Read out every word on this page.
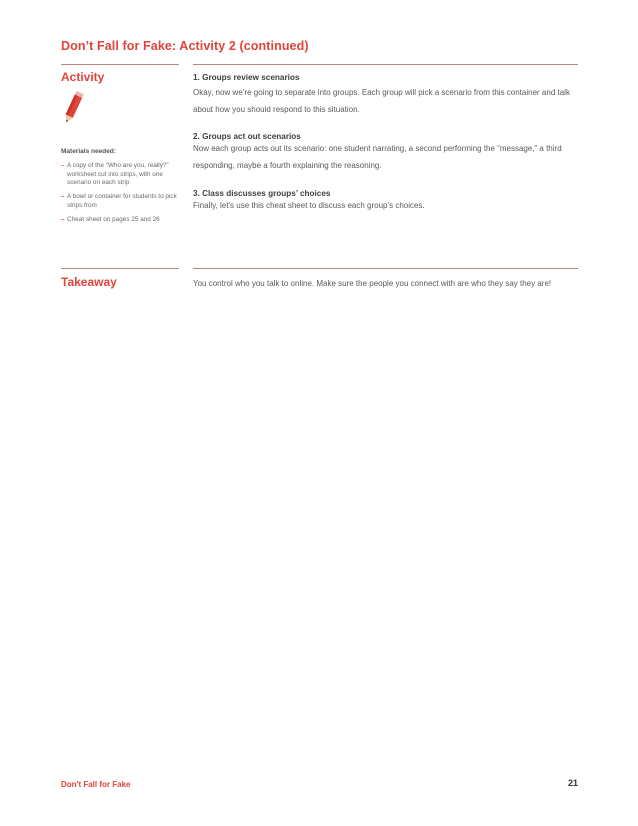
Don’t Fall for Fake: Activity 2 (continued)
Activity

Materials needed:

– A copy of the “Who are you, really?” worksheet cut into strips, with one scenario on each strip
– A bowl or container for students to pick strips from
– Cheat sheet on pages 25 and 26

1. Groups review scenarios

Okay, now we’re going to separate into groups. Each group will pick a scenario from this container and talk about how you should respond to this situation.

2. Groups act out scenarios

Now each group acts out its scenario: one student narrating, a second performing the “message,” a third responding, maybe a fourth explaining the reasoning.

3. Class discusses groups’ choices

Finally, let’s use this cheat sheet to discuss each group’s choices.

Takeaway	You control who you talk to online. Make sure the people you connect with are who they say they are!

Don't Fall for Fake	21
